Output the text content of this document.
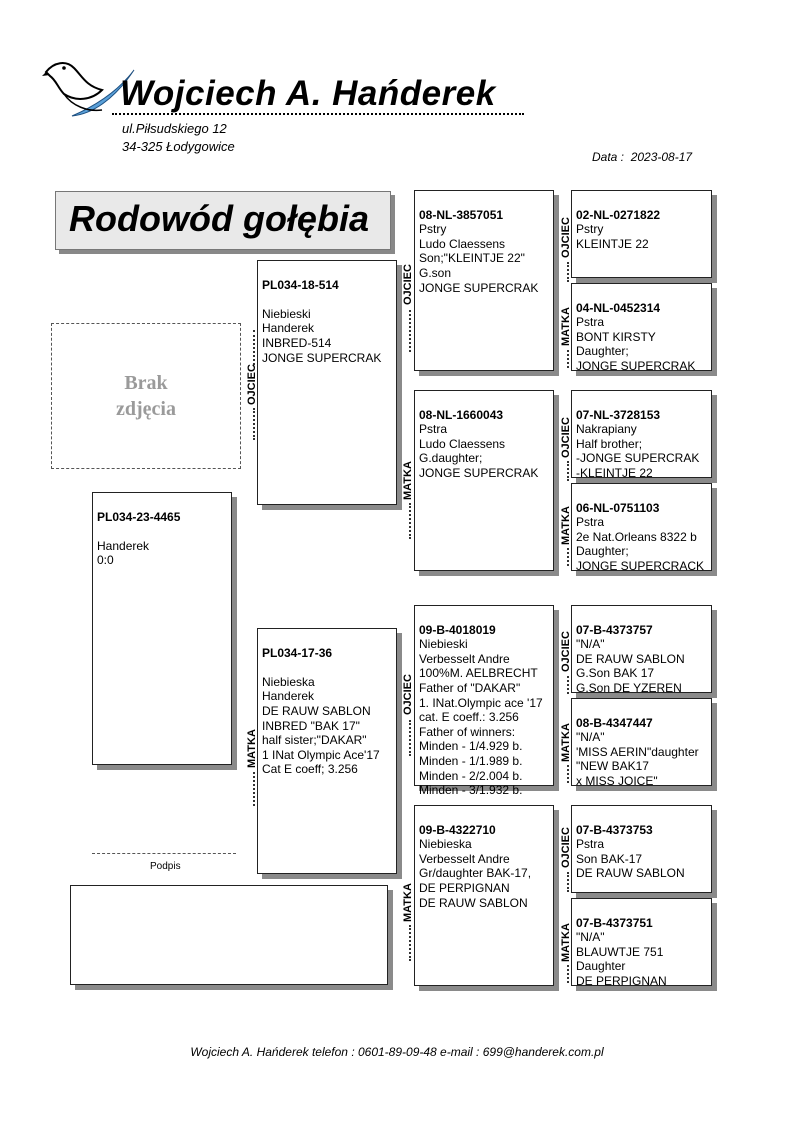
Wojciech A. Hańderek
ul.Piłsudskiego 12
34-325 Łodygowice
Data : 2023-08-17
Rodowód gołębia
Brak
zdjęcia

PL034-23-4465

Handerek
0:0

PL034-18-514

Niebieski
Handerek
INBRED-514
JONGE SUPERCRAK

PL034-17-36

Niebieska
Handerek
DE RAUW SABLON
INBRED "BAK 17"
half sister;"DAKAR"
1 INat Olympic Ace'17
Cat E coeff; 3.256

08-NL-3857051
Pstry
Ludo Claessens
Son;"KLEINTJE 22"
G.son
JONGE SUPERCRAK

08-NL-1660043
Pstra
Ludo Claessens
G.daughter;
JONGE SUPERCRAK

09-B-4018019
Niebieski
Verbesselt Andre
100%M. AELBRECHT
Father of "DAKAR"
1. INat.Olympic ace '17
cat. E coeff.: 3.256
Father of winners:
Minden - 1/4.929 b.
Minden - 1/1.989 b.
Minden - 2/2.004 b.
Minden - 3/1.932 b.

09-B-4322710
Niebieska
Verbesselt Andre
Gr/daughter BAK-17,
DE PERPIGNAN
DE RAUW SABLON

02-NL-0271822
Pstry
KLEINTJE 22

04-NL-0452314
Pstra
BONT KIRSTY
Daughter;
JONGE SUPERCRAK

07-NL-3728153
Nakrapiany
Half brother;
-JONGE SUPERCRAK
-KLEINTJE 22

06-NL-0751103
Pstra
2e Nat.Orleans 8322 b
Daughter;
JONGE SUPERCRACK

07-B-4373757
"N/A"
DE RAUW SABLON
G.Son BAK 17
G.Son DE YZEREN

08-B-4347447
"N/A"
'MISS AERIN"daughter
"NEW BAK17
x MISS JOICE"

07-B-4373753
Pstra
Son BAK-17
DE RAUW SABLON

07-B-4373751
"N/A"
BLAUWTJE 751
Daughter
DE PERPIGNAN

OJCIEC
MATKA
OJCIEC
MATKA
OJCIEC
MATKA
OJCIEC
MATKA
OJCIEC
MATKA
OJCIEC
MATKA
OJCIEC
MATKA
Podpis
Wojciech A. Hańderek telefon : 0601-89-09-48 e-mail : 699@handerek.com.pl
